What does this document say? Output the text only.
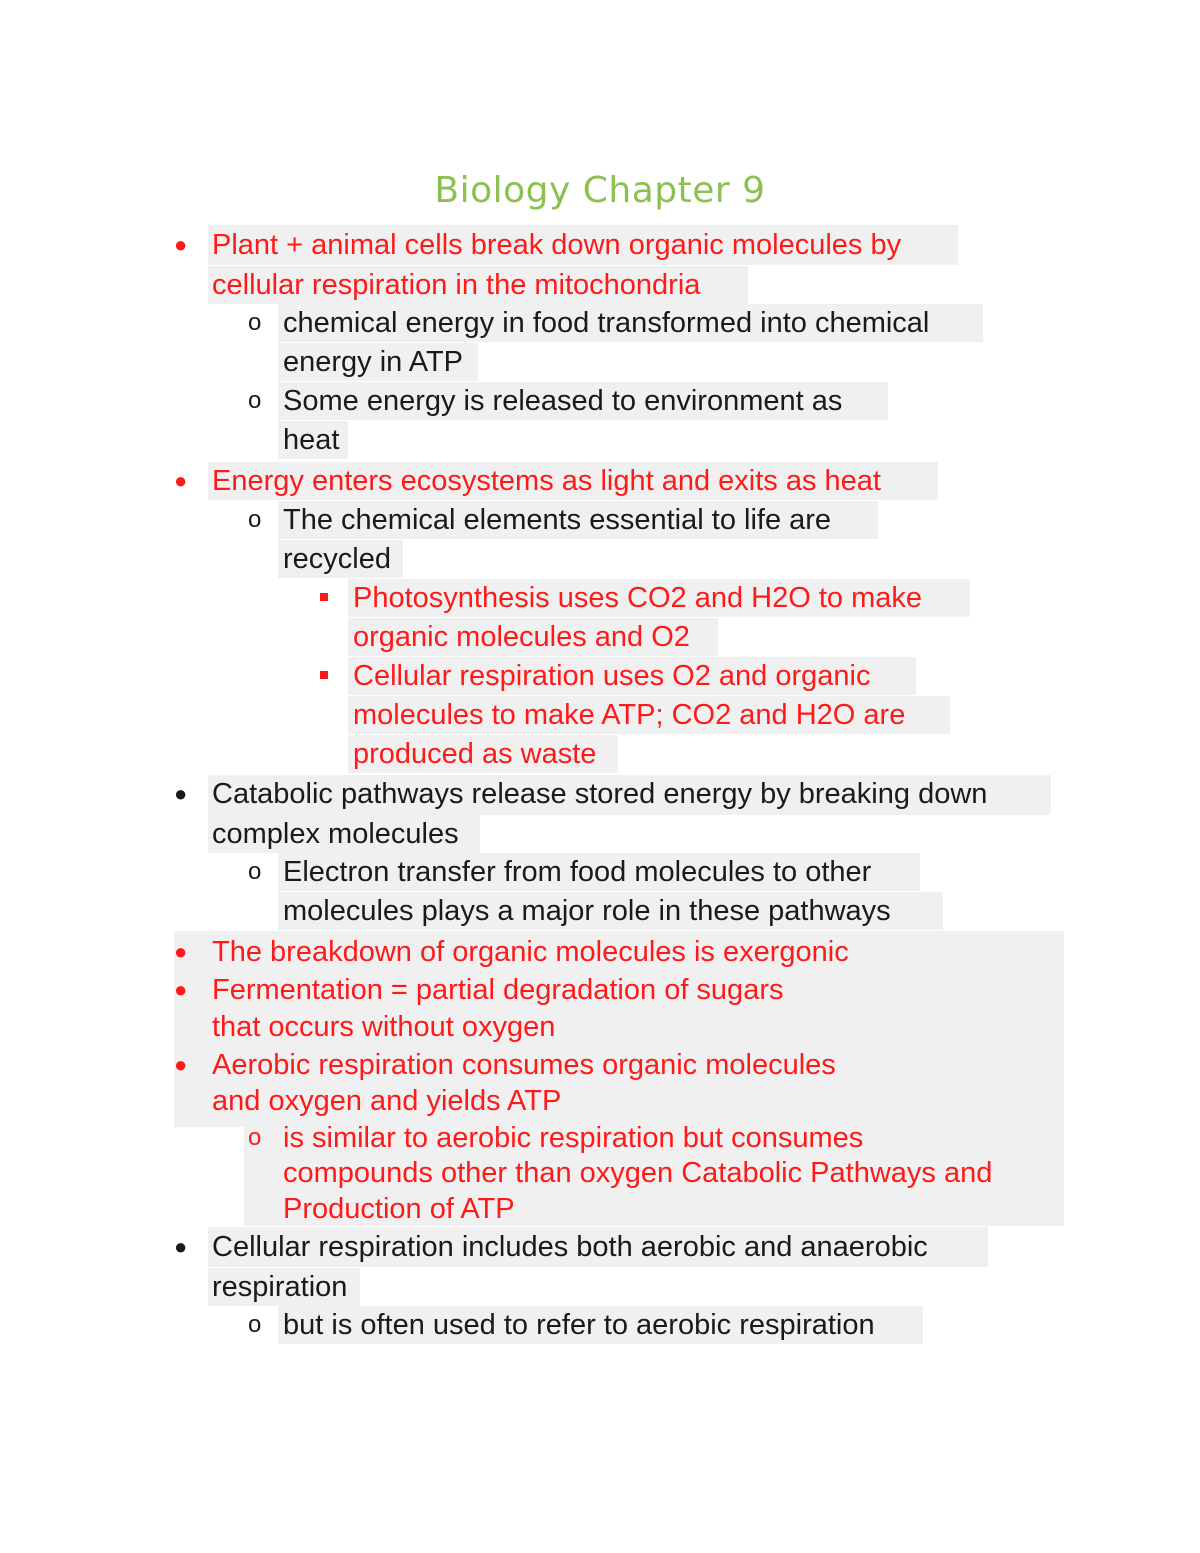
Biology Chapter 9
●
o
o
●
o
●
o
●
●
●
o
●
o
Plant + animal cells break down organic molecules by
cellular respiration in the mitochondria
chemical energy in food transformed into chemical
energy in ATP
Some energy is released to environment as
heat
Energy enters ecosystems as light and exits as heat
The chemical elements essential to life are
recycled
Photosynthesis uses CO2 and H2O to make
organic molecules and O2
Cellular respiration uses O2 and organic
molecules to make ATP; CO2 and H2O are
produced as waste
Catabolic pathways release stored energy by breaking down
complex molecules
Electron transfer from food molecules to other
molecules plays a major role in these pathways
The breakdown of organic molecules is exergonic
Fermentation = partial degradation of sugars
that occurs without oxygen
Aerobic respiration consumes organic molecules
and oxygen and yields ATP
is similar to aerobic respiration but consumes
compounds other than oxygen Catabolic Pathways and
Production of ATP
Cellular respiration includes both aerobic and anaerobic
respiration
but is often used to refer to aerobic respiration
